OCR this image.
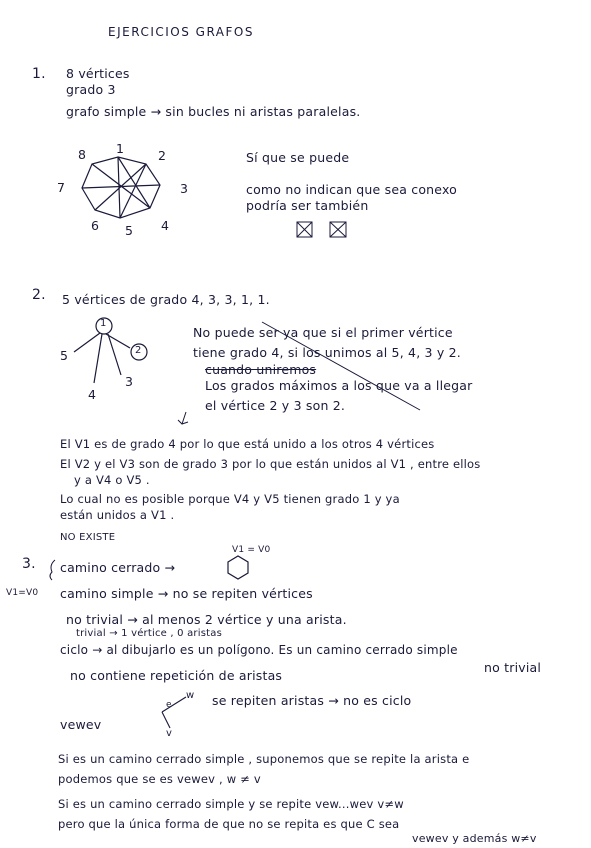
EJERCICIOS GRAFOS
1. 8 vértices
grado 3
grafo simple → sin bucles ni aristas paralelas.
8 1	2
3
4
5
6
7
Sí que se puede
como no indican que sea conexo
podría ser también
2. 5 vértices de grado 4, 3, 3, 1, 1.
1
2
3
4
5
No puede ser ya que si el primer vértice
tiene grado 4, si los unimos al 5, 4, 3 y 2.
cuando uniremos
Los grados máximos a los que va a llegar
el vértice 2 y 3 son 2.
El V1 es de grado 4 por lo que está unido a los otros 4 vértices
El V2 y el V3 son de grado 3 por lo que están unidos al V1 , entre ellos
y a V4 o V5 .
Lo cual no es posible porque V4 y V5 tienen grado 1 y ya
están unidos a V1 .
NO EXISTE
3. camino cerrado →
V1 = V0
V1=V0 camino simple → no se repiten vértices
no trivial → al menos 2 vértice y una arista.
trivial → 1 vértice , 0 aristas
ciclo → al dibujarlo es un polígono. Es un camino cerrado simple
no trivial
no contiene repetición de aristas
w
e
v
se repiten aristas → no es ciclo
vewev
Si es un camino cerrado simple , suponemos que se repite la arista e
podemos que se es vewev , w ≠ v
Si es un camino cerrado simple y se repite vew...wev v≠w
pero que la única forma de que no se repita es que C sea
vewev y además w≠v
